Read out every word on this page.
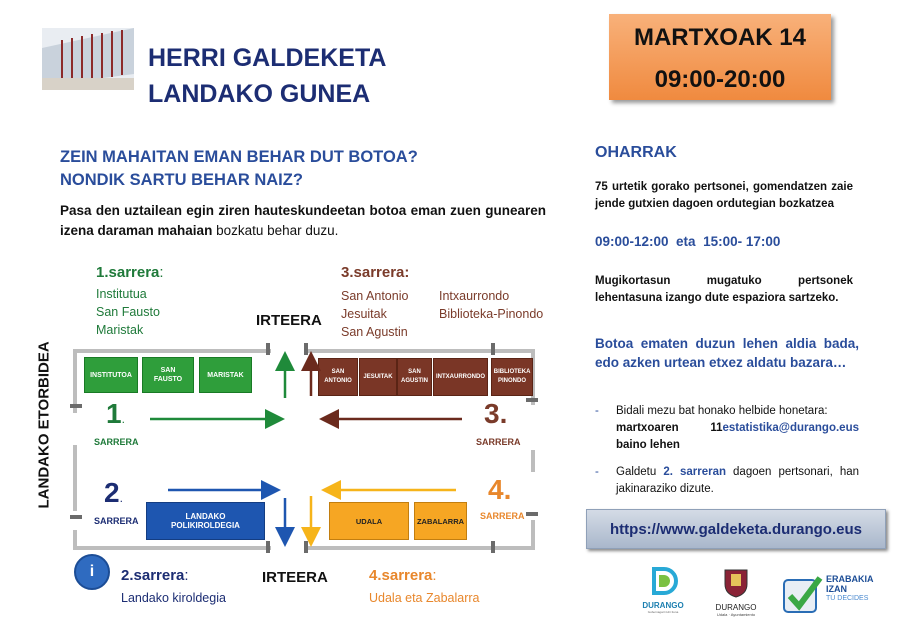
HERRI GALDEKETA
LANDAKO GUNEA
MARTXOAK 14
09:00-20:00
ZEIN MAHAITAN EMAN BEHAR DUT BOTOA?
NONDIK SARTU BEHAR NAIZ?
Pasa den uztailean egin ziren hauteskundeetan botoa eman zuen gunearen izena daraman mahaian bozkatu behar duzu.
1.sarrera:
Institutua
San Fausto
Maristak
3.sarrera:
San Antonio
Jesuitak
San Agustin
Intxaurrondo
Biblioteka-Pinondo
IRTEERA
LANDAKO ETORBIDEA	INSTITUTOA
SAN FAUSTO
MARISTAK	SAN ANTONIO
JESUITAK
SAN AGUSTIN
INTXAURRONDO
BIBLIOTEKA PINONDO
UDALA	ZABALARRA
LANDAKO POLIKIROLDEGIA
1.
SARRERA
2.
SARRERA
3.
SARRERA
4.
SARRERA
IRTEERA
i 2.sarrera:
Landako kiroldegia
4.sarrera:
Udala eta Zabalarra
OHARRAK
75 urtetik gorako pertsonei, gomendatzen zaie jende gutxien dagoen ordutegian bozkatzea
09:00-12:00  eta  15:00- 17:00
Mugikortasun mugatuko pertsonek lehentasuna izango dute espaziora sartzeko.
Botoa ematen duzun lehen aldia bada, edo azken urtean etxez aldatu bazara…
- Bidali mezu bat honako helbide honetara:
estatistika@durango.eus
martxoaren 11 baino lehen
- Galdetu 2. sarreran dagoen pertsonari, han jakinaraziko dizute.
https://www.galdeketa.durango.eus
DURANGO
Gobernagarri Hiri Ituna	DURANGO
Udala · Ayuntamiento
ERABAKIA
IZAN
TÚ DECIDES
